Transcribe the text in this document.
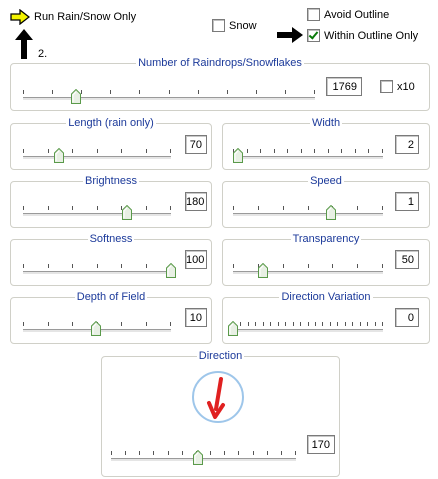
Run Rain/Snow Only
2.
Snow
Avoid Outline
Within Outline Only
Number of Raindrops/Snowflakes
1769	x10
Length (rain only)
70
Width
2
Brightness
180
Speed
1
Softness
100
Transparency
50
Depth of Field
10
Direction Variation
0
Direction
170
